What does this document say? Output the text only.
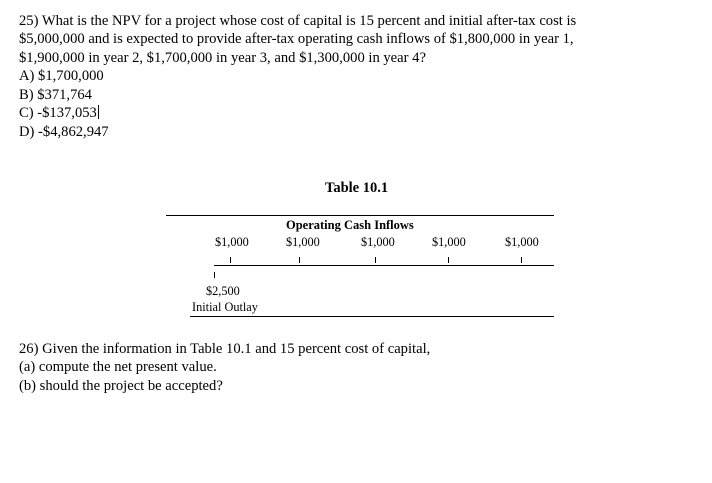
25) What is the NPV for a project whose cost of capital is 15 percent and initial after-tax cost is

$5,000,000 and is expected to provide after-tax operating cash inflows of $1,800,000 in year 1,

$1,900,000 in year 2, $1,700,000 in year 3, and $1,300,000 in year 4?

A) $1,700,000

B) $371,764

C) -$137,053

D) -$4,862,947

Table 10.1
Operating Cash Inflows
$1,000	$1,000	$1,000	$1,000	$1,000
$2,500
Initial Outlay

26) Given the information in Table 10.1 and 15 percent cost of capital,

(a) compute the net present value.

(b) should the project be accepted?
